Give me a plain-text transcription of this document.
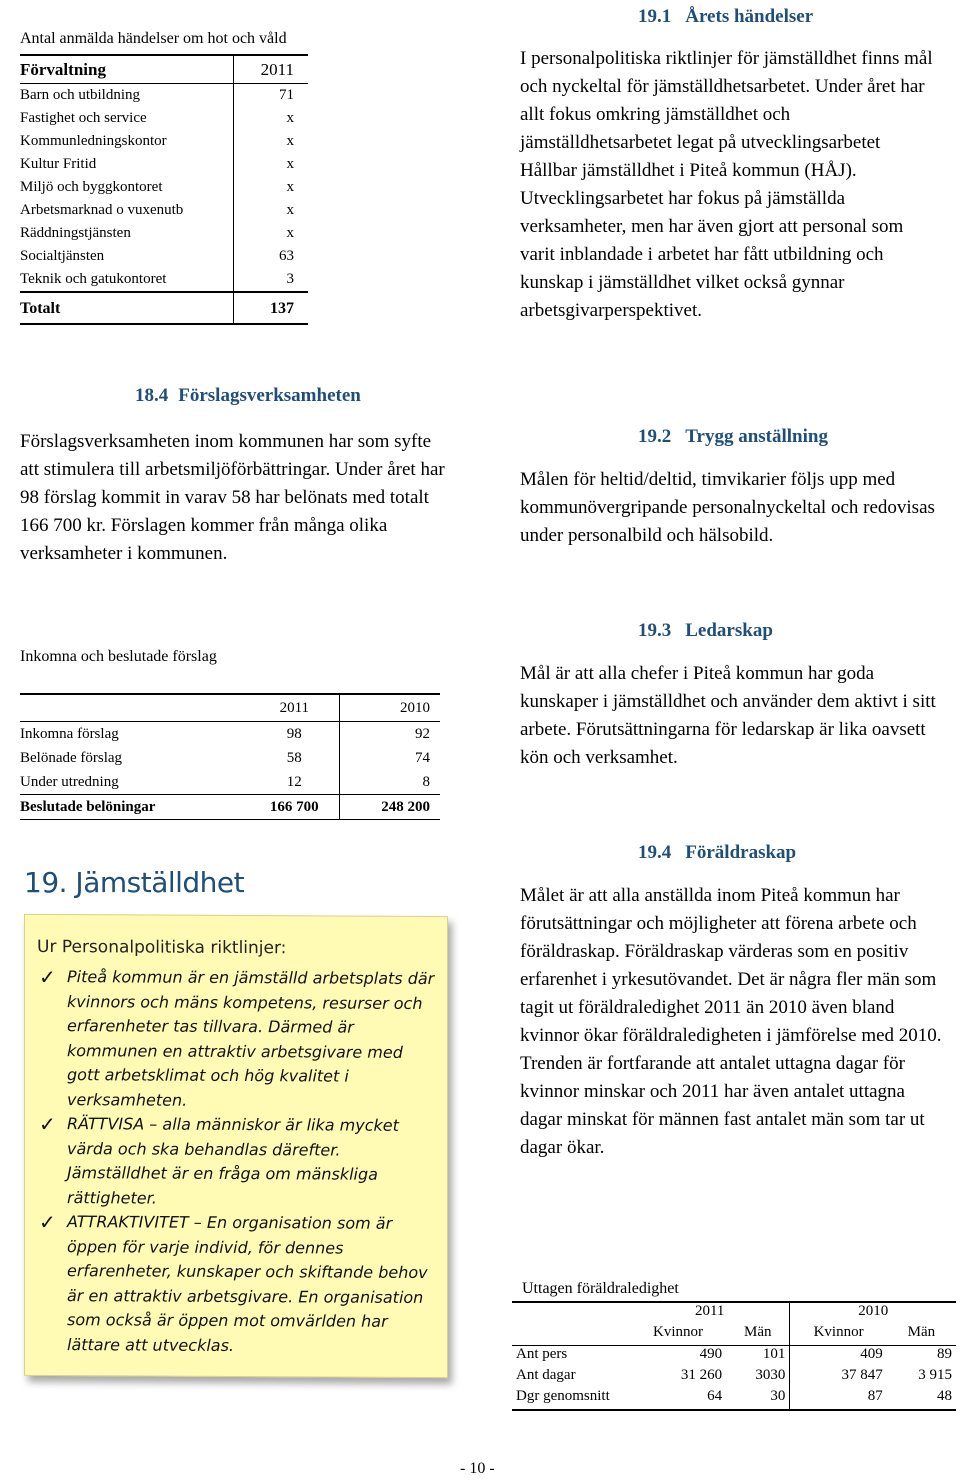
Antal anmälda händelser om hot och våld
Förvaltning	2011
Barn och utbildning	71
Fastighet och service	x
Kommunledningskontor	x
Kultur Fritid	x
Miljö och byggkontoret	x
Arbetsmarknad o vuxenutb	x
Räddningstjänsten	x
Socialtjänsten	63
Teknik och gatukontoret	3
Totalt	137
18.4 Förslagsverksamheten
Förslagsverksamheten inom kommunen har som syfte att stimulera till arbetsmiljöförbättringar. Under året har 98 förslag kommit in varav 58 har belönats med totalt 166 700 kr. Förslagen kommer från många olika verksamheter i kommunen.
Inkomna och beslutade förslag
	2011	2010
Inkomna förslag	98	92
Belönade förslag	58	74
Under utredning	12	8
Beslutade belöningar	166 700	248 200
19. Jämställdhet
Ur Personalpolitiska riktlinjer:
✓ Piteå kommun är en jämställd arbetsplats där kvinnors och mäns kompetens, resurser och erfarenheter tas tillvara. Därmed är kommunen en attraktiv arbetsgivare med gott arbetsklimat och hög kvalitet i verksamheten.
✓ RÄTTVISA – alla människor är lika mycket värda och ska behandlas därefter. Jämställdhet är en fråga om mänskliga rättigheter.
✓ ATTRAKTIVITET – En organisation som är öppen för varje individ, för dennes erfarenheter, kunskaper och skiftande behov är en attraktiv arbetsgivare. En organisation som också är öppen mot omvärlden har lättare att utvecklas.
- 10 -
19.1 Årets händelser
I personalpolitiska riktlinjer för jämställdhet finns mål och nyckeltal för jämställdhetsarbetet. Under året har allt fokus omkring jämställdhet och jämställdhetsarbetet legat på utvecklingsarbetet Hållbar jämställdhet i Piteå kommun (HÅJ). Utvecklingsarbetet har fokus på jämställda verksamheter, men har även gjort att personal som varit inblandade i arbetet har fått utbildning och kunskap i jämställdhet vilket också gynnar arbetsgivarperspektivet.
19.2 Trygg anställning
Målen för heltid/deltid, timvikarier följs upp med kommunövergripande personalnyckeltal och redovisas under personalbild och hälsobild.
19.3 Ledarskap
Mål är att alla chefer i Piteå kommun har goda kunskaper i jämställdhet och använder dem aktivt i sitt arbete. Förutsättningarna för ledarskap är lika oavsett kön och verksamhet.
19.4 Föräldraskap
Målet är att alla anställda inom Piteå kommun har förutsättningar och möjligheter att förena arbete och föräldraskap. Föräldraskap värderas som en positiv erfarenhet i yrkesutövandet. Det är några fler män som tagit ut föräldraledighet 2011 än 2010 även bland kvinnor ökar föräldraledigheten i jämförelse med 2010. Trenden är fortfarande att antalet uttagna dagar för kvinnor minskar och 2011 har även antalet uttagna dagar minskat för männen fast antalet män som tar ut dagar ökar.
Uttagen föräldraledighet
	2011		2010	
	Kvinnor	Män	Kvinnor	Män
Ant pers	490	101	409	89
Ant dagar	31 260	3030	37 847	3 915
Dgr genomsnitt	64	30	87	48
